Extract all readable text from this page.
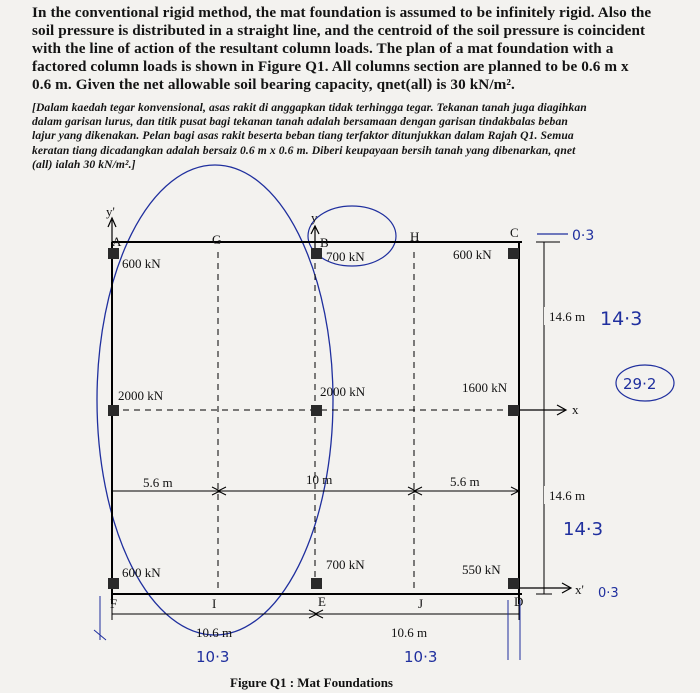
In the conventional rigid method, the mat foundation is assumed to be infinitely rigid. Also the
soil pressure is distributed in a straight line, and the centroid of the soil pressure is coincident
with the line of action of the resultant column loads. The plan of a mat foundation with a
factored column loads is shown in Figure Q1. All columns section are planned to be 0.6 m x
0.6 m. Given the net allowable soil bearing capacity, qnet(all) is 30 kN/m².
[Dalam kaedah tegar konvensional, asas rakit di anggapkan tidak terhingga tegar. Tekanan tanah juga diagihkan
dalam garisan lurus, dan titik pusat bagi tekanan tanah adalah bersamaan dengan garisan tindakbalas beban
lajur yang dikenakan. Pelan bagi asas rakit beserta beban tiang terfaktor ditunjukkan dalam Rajah Q1. Semua
keratan tiang dicadangkan adalah bersaiz 0.6 m x 0.6 m. Diberi keupayaan bersih tanah yang dibenarkan, qnet
(all) ialah 30 kN/m².]
600 kN	700 kN	600 kN
2000 kN	2000 kN	1600 kN
600 kN
700 kN	550 kN
A	B
C
D
E
F
G	H
I	J
y'	y
x
x'
14.6 m
14.6 m
5.6 m	10 m	5.6 m
10.6 m	10.6 m
0·3
14·3
29·2
14·3
0·3
10·3	10·3
Figure Q1 : Mat Foundations
